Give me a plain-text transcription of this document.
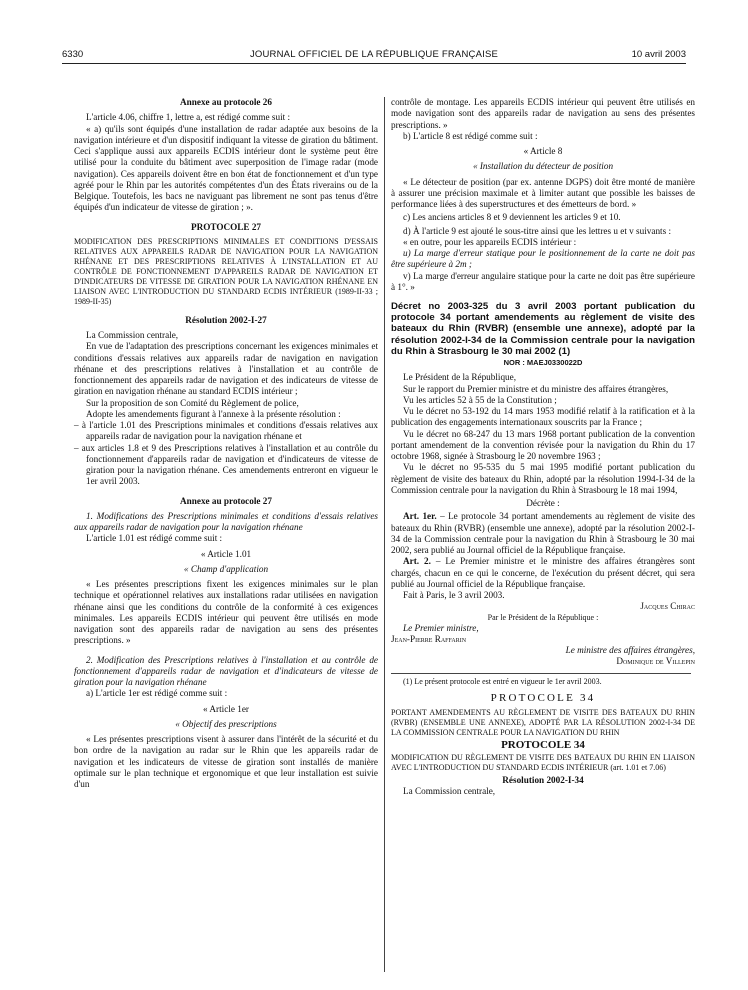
6330	JOURNAL OFFICIEL DE LA RÉPUBLIQUE FRANÇAISE	10 avril 2003

Annexe au protocole 26

L'article 4.06, chiffre 1, lettre a, est rédigé comme suit :

« a) qu'ils sont équipés d'une installation de radar adaptée aux besoins de la navigation intérieure et d'un dispositif indiquant la vitesse de giration du bâtiment. Ceci s'applique aussi aux appareils ECDIS intérieur dont le système peut être utilisé pour la conduite du bâtiment avec superposition de l'image radar (mode navigation). Ces appareils doivent être en bon état de fonctionnement et d'un type agréé pour le Rhin par les autorités compétentes d'un des États riverains ou de la Belgique. Toutefois, les bacs ne naviguant pas librement ne sont pas tenus d'être équipés d'un indicateur de vitesse de giration ; ».

PROTOCOLE 27

MODIFICATION DES PRESCRIPTIONS MINIMALES ET CONDITIONS D'ESSAIS RELATIVES AUX APPAREILS RADAR DE NAVIGATION POUR LA NAVIGATION RHÉNANE ET DES PRESCRIPTIONS RELATIVES À L'INSTALLATION ET AU CONTRÔLE DE FONCTIONNEMENT D'APPAREILS RADAR DE NAVIGATION ET D'INDICATEURS DE VITESSE DE GIRATION POUR LA NAVIGATION RHÉNANE EN LIAISON AVEC L'INTRODUCTION DU STANDARD ECDIS INTÉRIEUR (1989-II-33 ; 1989-II-35)

Résolution 2002-I-27

La Commission centrale,

En vue de l'adaptation des prescriptions concernant les exigences minimales et conditions d'essais relatives aux appareils radar de navigation en navigation rhénane et des prescriptions relatives à l'installation et au contrôle de fonctionnement des appareils radar de navigation et des indicateurs de vitesse de giration en navigation rhénane au standard ECDIS intérieur ;

Sur la proposition de son Comité du Règlement de police,

Adopte les amendements figurant à l'annexe à la présente résolution :

– à l'article 1.01 des Prescriptions minimales et conditions d'essais relatives aux appareils radar de navigation pour la navigation rhénane et

– aux articles 1.8 et 9 des Prescriptions relatives à l'installation et au contrôle du fonctionnement d'appareils radar de navigation et d'indicateurs de vitesse de giration pour la navigation rhénane. Ces amendements entreront en vigueur le 1er avril 2003.

Annexe au protocole 27

1. Modifications des Prescriptions minimales et conditions d'essais relatives aux appareils radar de navigation pour la navigation rhénane

L'article 1.01 est rédigé comme suit :

« Article 1.01

« Champ d'application

« Les présentes prescriptions fixent les exigences minimales sur le plan technique et opérationnel relatives aux installations radar utilisées en navigation rhénane ainsi que les conditions du contrôle de la conformité à ces exigences minimales. Les appareils ECDIS intérieur qui peuvent être utilisés en mode navigation sont des appareils radar de navigation au sens des présentes prescriptions. »

2. Modification des Prescriptions relatives à l'installation et au contrôle de fonctionnement d'appareils radar de navigation et d'indicateurs de vitesse de giration pour la navigation rhénane

a) L'article 1er est rédigé comme suit :

« Article 1er

« Objectif des prescriptions

« Les présentes prescriptions visent à assurer dans l'intérêt de la sécurité et du bon ordre de la navigation au radar sur le Rhin que les appareils radar de navigation et les indicateurs de vitesse de giration sont installés de manière optimale sur le plan technique et ergonomique et que leur installation est suivie d'un

contrôle de montage. Les appareils ECDIS intérieur qui peuvent être utilisés en mode navigation sont des appareils radar de navigation au sens des présentes prescriptions. »

b) L'article 8 est rédigé comme suit :

« Article 8

« Installation du détecteur de position

« Le détecteur de position (par ex. antenne DGPS) doit être monté de manière à assurer une précision maximale et à limiter autant que possible les baisses de performance liées à des superstructures et des émetteurs de bord. »

c) Les anciens articles 8 et 9 deviennent les articles 9 et 10.

d) À l'article 9 est ajouté le sous-titre ainsi que les lettres u et v suivants :

« en outre, pour les appareils ECDIS intérieur :

u) La marge d'erreur statique pour le positionnement de la carte ne doit pas être supérieure à 2m ;

v) La marge d'erreur angulaire statique pour la carte ne doit pas être supérieure à 1°. »

Décret no 2003-325 du 3 avril 2003 portant publication du protocole 34 portant amendements au règlement de visite des bateaux du Rhin (RVBR) (ensemble une annexe), adopté par la résolution 2002-I-34 de la Commission centrale pour la navigation du Rhin à Strasbourg le 30 mai 2002 (1)

NOR : MAEJ0330022D

Le Président de la République,

Sur le rapport du Premier ministre et du ministre des affaires étrangères,

Vu les articles 52 à 55 de la Constitution ;

Vu le décret no 53-192 du 14 mars 1953 modifié relatif à la ratification et à la publication des engagements internationaux souscrits par la France ;

Vu le décret no 68-247 du 13 mars 1968 portant publication de la convention portant amendement de la convention révisée pour la navigation du Rhin du 17 octobre 1968, signée à Strasbourg le 20 novembre 1963 ;

Vu le décret no 95-535 du 5 mai 1995 modifié portant publication du règlement de visite des bateaux du Rhin, adopté par la résolution 1994-I-34 de la Commission centrale pour la navigation du Rhin à Strasbourg le 18 mai 1994,

Décrète :

Art. 1er. – Le protocole 34 portant amendements au règlement de visite des bateaux du Rhin (RVBR) (ensemble une annexe), adopté par la résolution 2002-I-34 de la Commission centrale pour la navigation du Rhin à Strasbourg le 30 mai 2002, sera publié au Journal officiel de la République française.

Art. 2. – Le Premier ministre et le ministre des affaires étrangères sont chargés, chacun en ce qui le concerne, de l'exécution du présent décret, qui sera publié au Journal officiel de la République française.

Fait à Paris, le 3 avril 2003.

Jacques Chirac

Par le Président de la République :

Le Premier ministre,

Jean-Pierre Raffarin

Le ministre des affaires étrangères,

Dominique de Villepin

(1) Le présent protocole est entré en vigueur le 1er avril 2003.

PROTOCOLE 34

PORTANT AMENDEMENTS AU RÈGLEMENT DE VISITE DES BATEAUX DU RHIN (RVBR) (ENSEMBLE UNE ANNEXE), ADOPTÉ PAR LA RÉSOLUTION 2002-I-34 DE LA COMMISSION CENTRALE POUR LA NAVIGATION DU RHIN

PROTOCOLE 34

MODIFICATION DU RÈGLEMENT DE VISITE DES BATEAUX DU RHIN EN LIAISON AVEC L'INTRODUCTION DU STANDARD ECDIS INTÉRIEUR (art. 1.01 et 7.06)

Résolution 2002-I-34

La Commission centrale,
